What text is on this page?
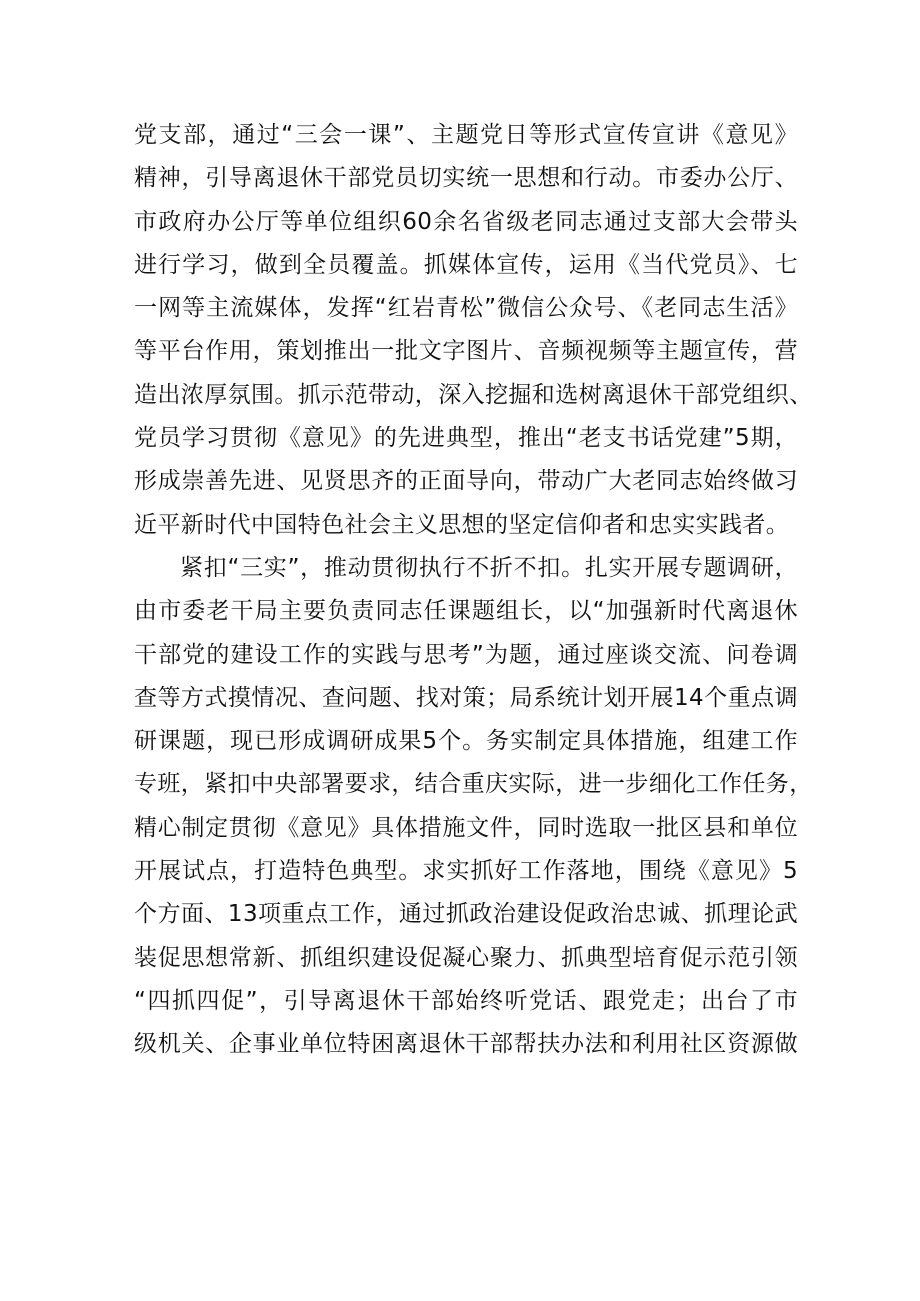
党支部，通过“三会一课”、主题党日等形式宣传宣讲《意见》
精神，引导离退休干部党员切实统一思想和行动。市委办公厅、
市政府办公厅等单位组织60余名省级老同志通过支部大会带头
进行学习，做到全员覆盖。抓媒体宣传，运用《当代党员》、七
一网等主流媒体，发挥“红岩青松”微信公众号、《老同志生活》
等平台作用，策划推出一批文字图片、音频视频等主题宣传，营
造出浓厚氛围。抓示范带动，深入挖掘和选树离退休干部党组织、
党员学习贯彻《意见》的先进典型，推出“老支书话党建”5期，
形成崇善先进、见贤思齐的正面导向，带动广大老同志始终做习
近平新时代中国特色社会主义思想的坚定信仰者和忠实实践者。
紧扣“三实”，推动贯彻执行不折不扣。扎实开展专题调研，
由市委老干局主要负责同志任课题组长，以“加强新时代离退休
干部党的建设工作的实践与思考”为题，通过座谈交流、问卷调
查等方式摸情况、查问题、找对策；局系统计划开展14个重点调
研课题，现已形成调研成果5个。务实制定具体措施，组建工作
专班，紧扣中央部署要求，结合重庆实际，进一步细化工作任务，
精心制定贯彻《意见》具体措施文件，同时选取一批区县和单位
开展试点，打造特色典型。求实抓好工作落地，围绕《意见》5
个方面、13项重点工作，通过抓政治建设促政治忠诚、抓理论武
装促思想常新、抓组织建设促凝心聚力、抓典型培育促示范引领
“四抓四促”，引导离退休干部始终听党话、跟党走；出台了市
级机关、企事业单位特困离退休干部帮扶办法和利用社区资源做
